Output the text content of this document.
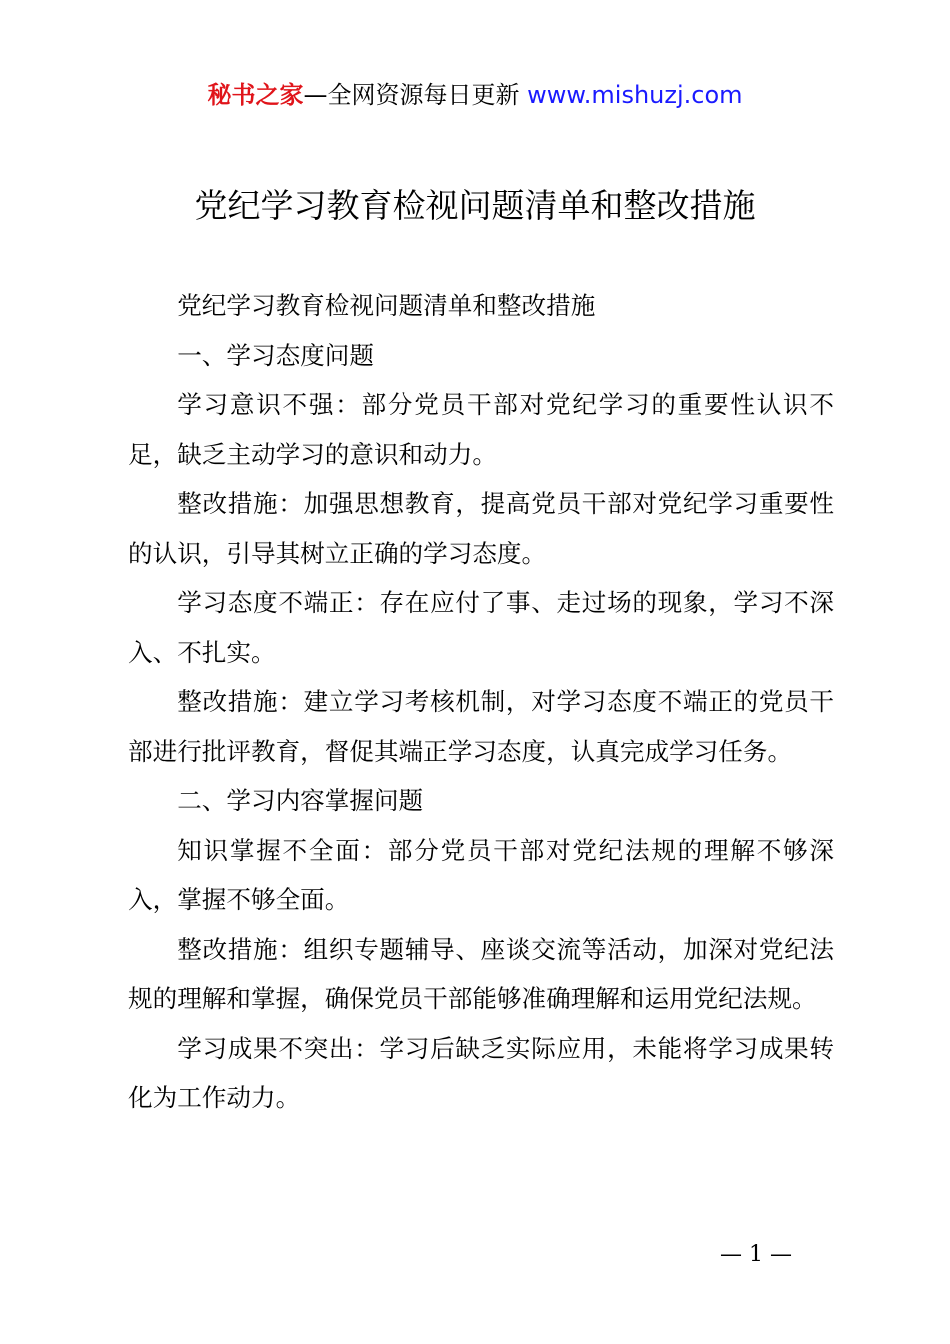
秘书之家—全网资源每日更新 www.mishuzj.com
党纪学习教育检视问题清单和整改措施

党纪学习教育检视问题清单和整改措施

一、学习态度问题

学习意识不强：部分党员干部对党纪学习的重要性认识不足，缺乏主动学习的意识和动力。

整改措施：加强思想教育，提高党员干部对党纪学习重要性的认识，引导其树立正确的学习态度。

学习态度不端正：存在应付了事、走过场的现象，学习不深入、不扎实。

整改措施：建立学习考核机制，对学习态度不端正的党员干部进行批评教育，督促其端正学习态度，认真完成学习任务。

二、学习内容掌握问题

知识掌握不全面：部分党员干部对党纪法规的理解不够深入，掌握不够全面。

整改措施：组织专题辅导、座谈交流等活动，加深对党纪法规的理解和掌握，确保党员干部能够准确理解和运用党纪法规。

学习成果不突出：学习后缺乏实际应用，未能将学习成果转化为工作动力。

— 1 —
